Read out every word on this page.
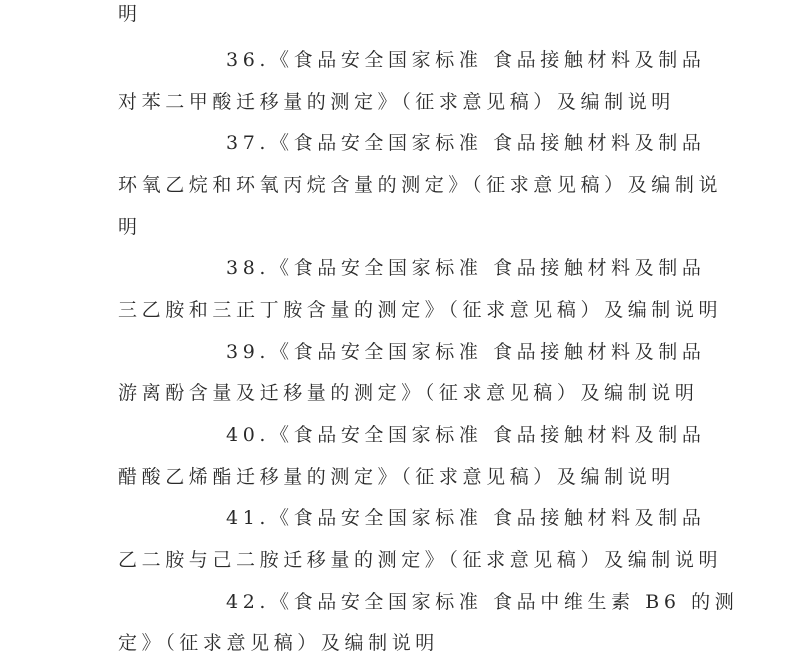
明
36.《食品安全国家标准 食品接触材料及制品
对苯二甲酸迁移量的测定》（征求意见稿）及编制说明
37.《食品安全国家标准 食品接触材料及制品
环氧乙烷和环氧丙烷含量的测定》（征求意见稿）及编制说
明
38.《食品安全国家标准 食品接触材料及制品
三乙胺和三正丁胺含量的测定》（征求意见稿）及编制说明
39.《食品安全国家标准 食品接触材料及制品
游离酚含量及迁移量的测定》（征求意见稿）及编制说明
40.《食品安全国家标准 食品接触材料及制品
醋酸乙烯酯迁移量的测定》（征求意见稿）及编制说明
41.《食品安全国家标准 食品接触材料及制品
乙二胺与己二胺迁移量的测定》（征求意见稿）及编制说明
42.《食品安全国家标准 食品中维生素 B6 的测
定》（征求意见稿）及编制说明
